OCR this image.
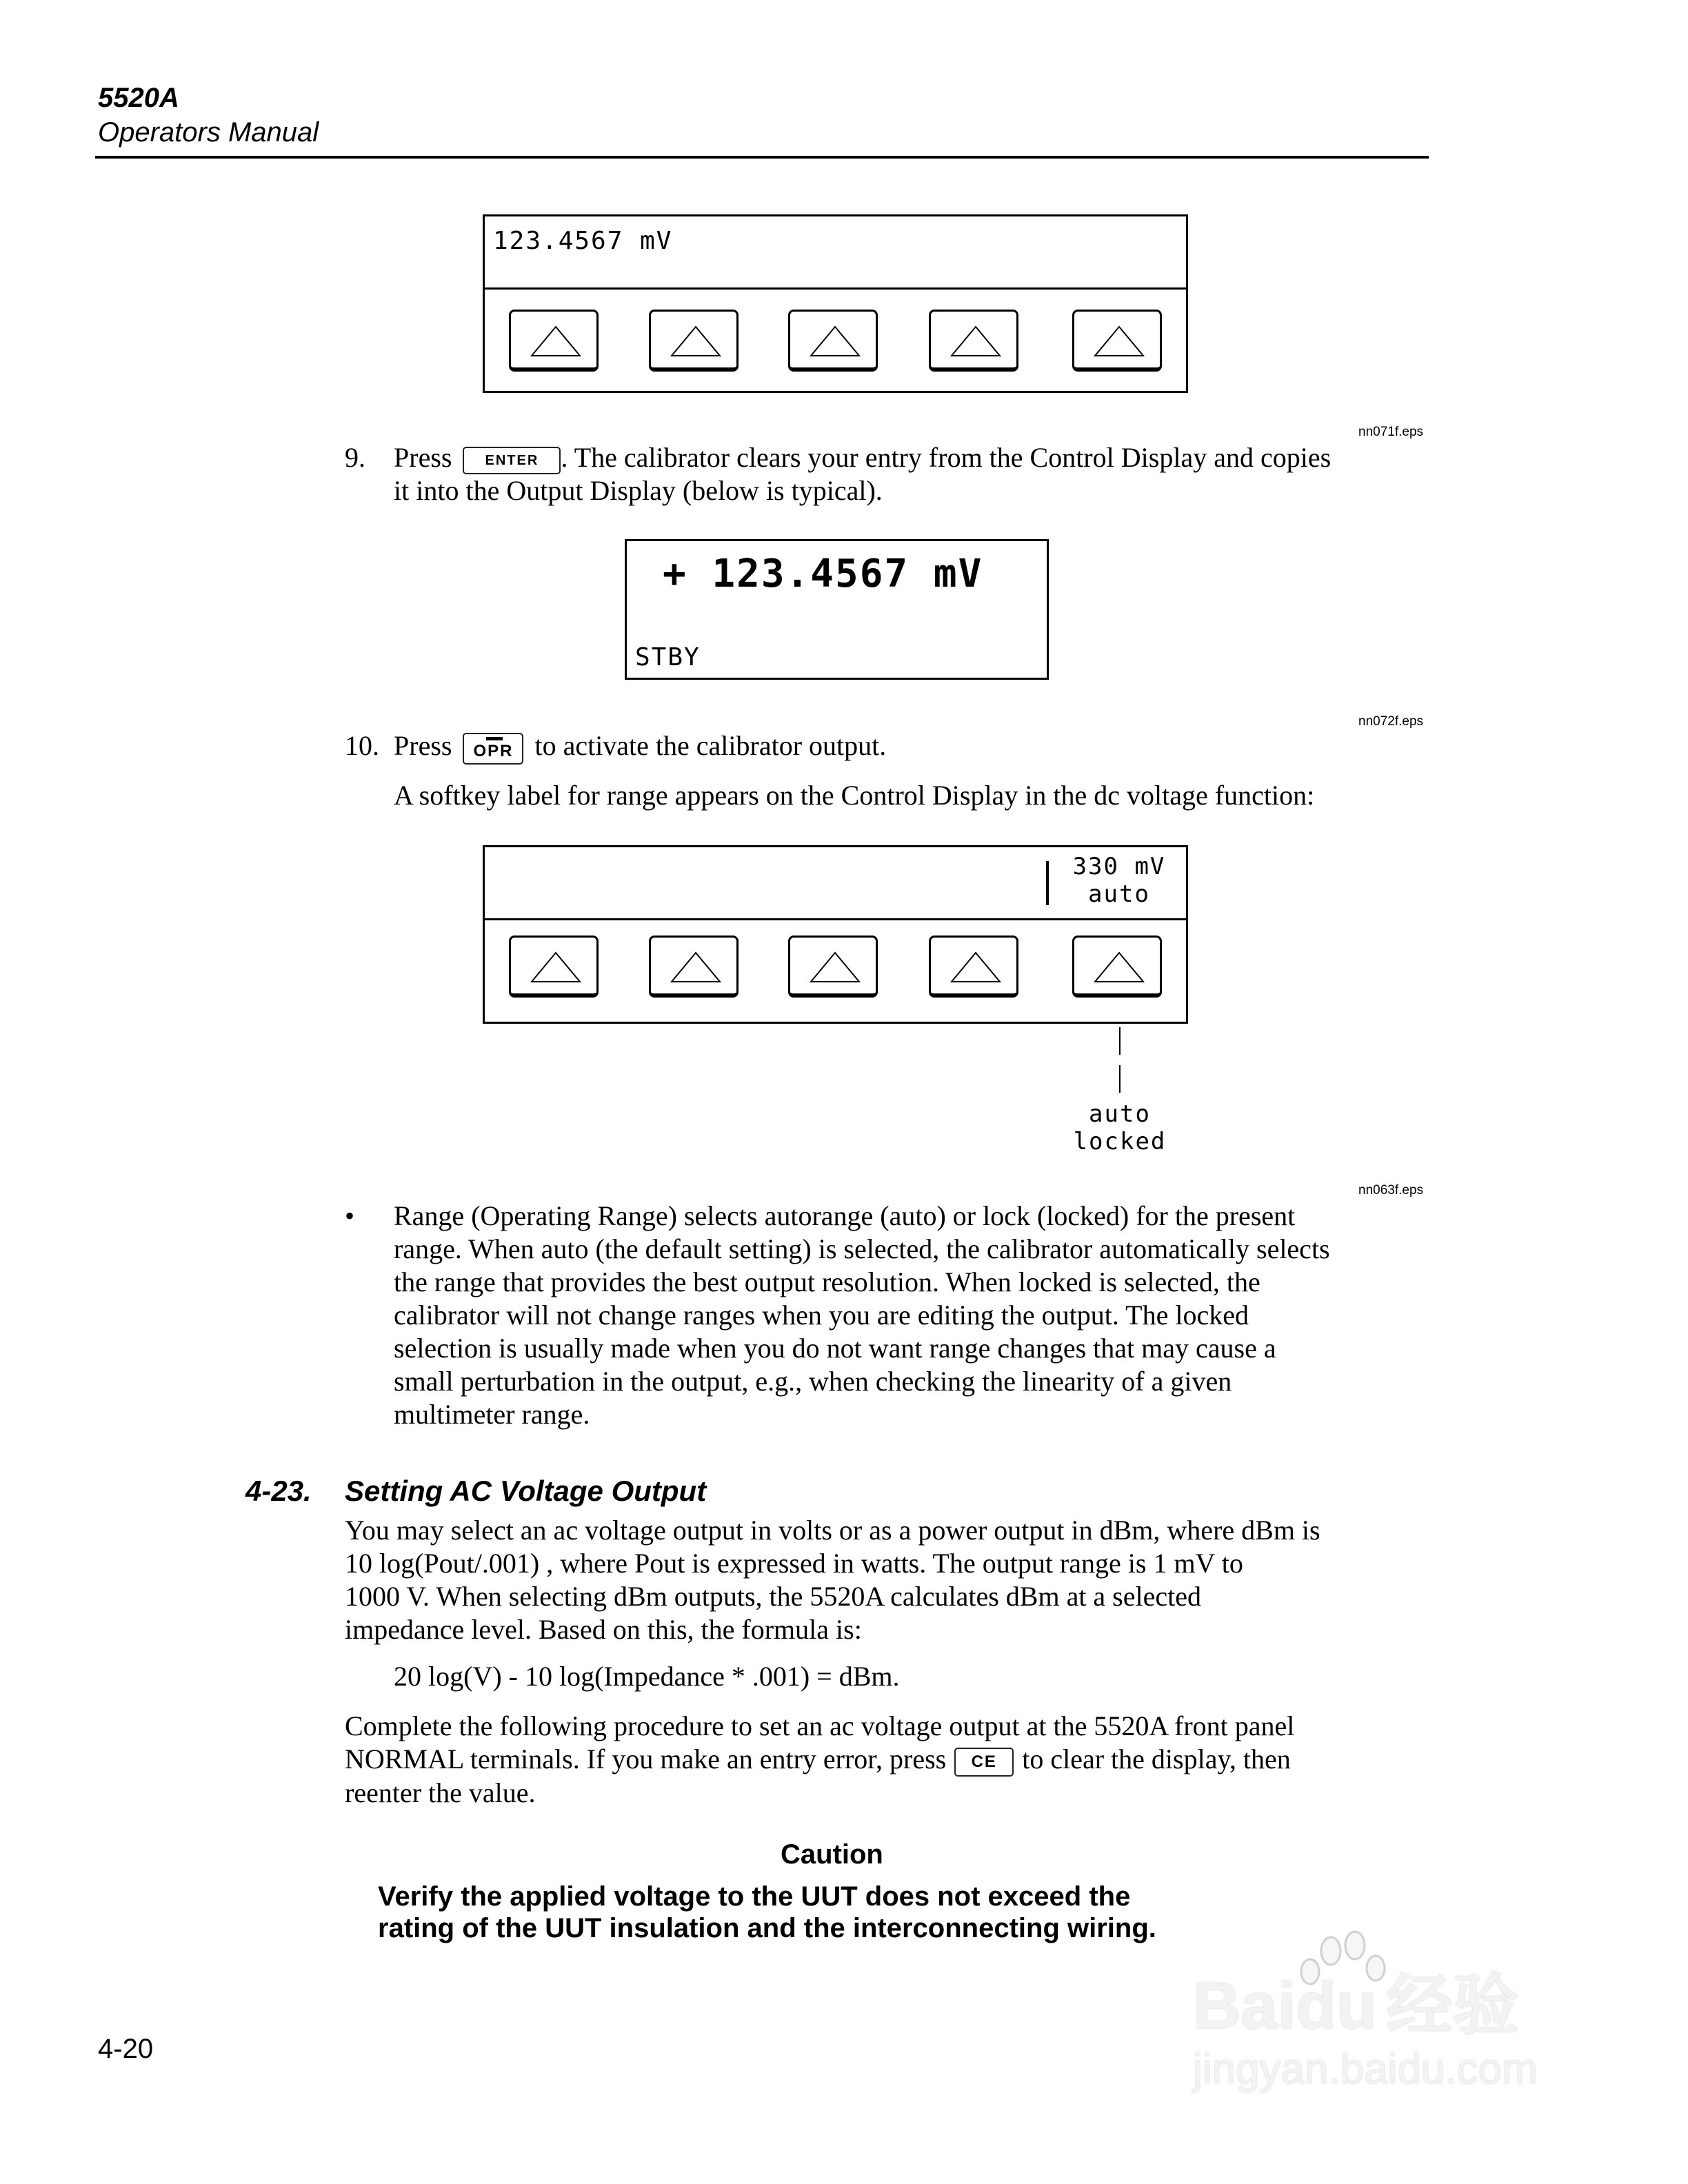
5520A
Operators Manual
123.4567 mV
nn071f.eps
9. Press ENTER . The calibrator clears your entry from the Control Display and copies
it into the Output Display (below is typical).
+ 123.4567 mV
STBY
nn072f.eps
10. Press OPR to activate the calibrator output.
A softkey label for range appears on the Control Display in the dc voltage function:
330 mV
auto
auto
locked
nn063f.eps
• Range (Operating Range) selects autorange (auto) or lock (locked) for the present
range. When auto (the default setting) is selected, the calibrator automatically selects
the range that provides the best output resolution. When locked is selected, the
calibrator will not change ranges when you are editing the output. The locked
selection is usually made when you do not want range changes that may cause a
small perturbation in the output, e.g., when checking the linearity of a given
multimeter range.
4-23. Setting AC Voltage Output
You may select an ac voltage output in volts or as a power output in dBm, where dBm is
10 log(Pout/.001) , where Pout is expressed in watts. The output range is 1 mV to
1000 V. When selecting dBm outputs, the 5520A calculates dBm at a selected
impedance level. Based on this, the formula is:
20 log(V) - 10 log(Impedance * .001) = dBm.
Complete the following procedure to set an ac voltage output at the 5520A front panel
NORMAL terminals. If you make an entry error, press CE to clear the display, then
reenter the value.
Caution
Verify the applied voltage to the UUT does not exceed the
rating of the UUT insulation and the interconnecting wiring.
Baidu 经验
jingyan.baidu.com
4-20
